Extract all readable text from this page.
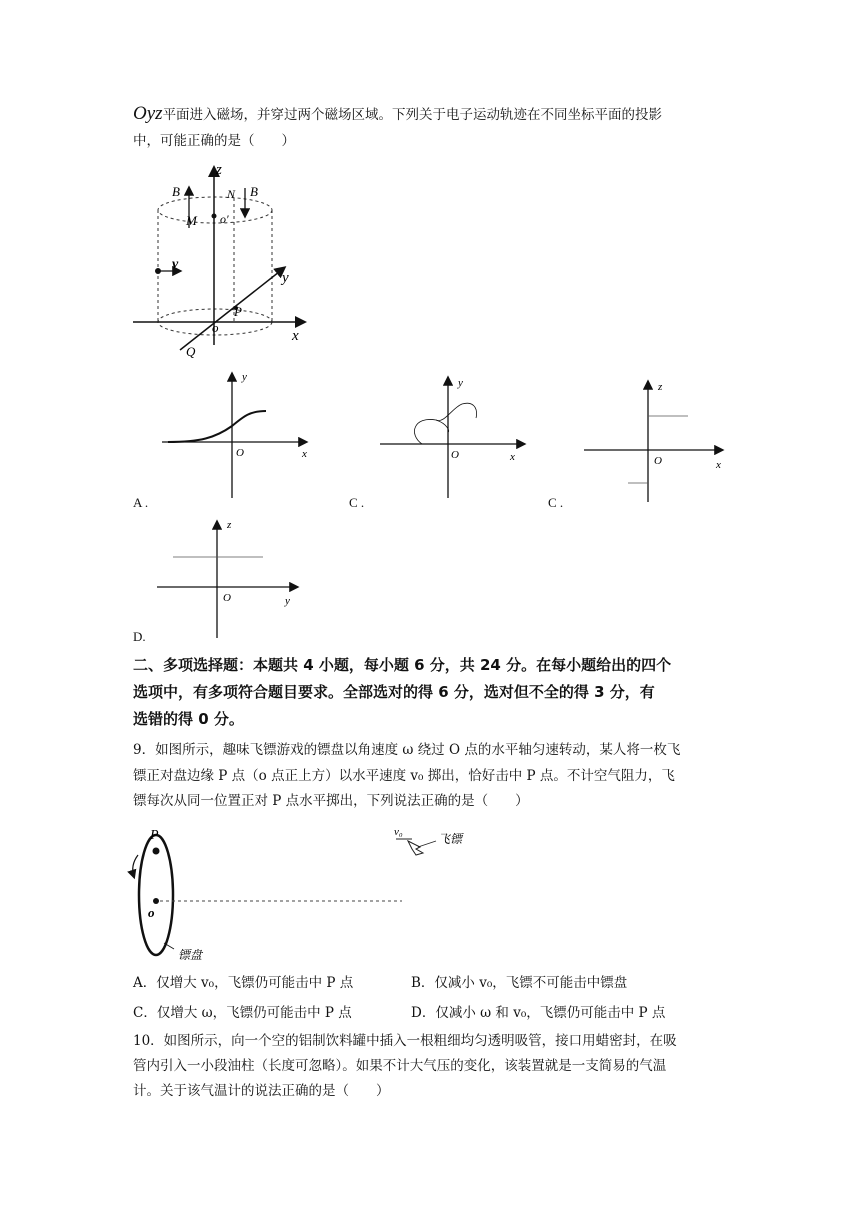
Oyz平面进入磁场，并穿过两个磁场区域。下列关于电子运动轨迹在不同坐标平面的投影
中，可能正确的是（　　）
z
B	N B
M o′
v
y
P
o
x
Q
y
x
O
A .
y
x
O
C .
z
x
O
C .
z
y
O
D.
二、多项选择题：本题共 4 小题，每小题 6 分，共 24 分。在每小题给出的四个
选项中，有多项符合题目要求。全部选对的得 6 分，选对但不全的得 3 分，有
选错的得 0 分。
9．如图所示，趣味飞镖游戏的镖盘以角速度 ω 绕过 O 点的水平轴匀速转动，某人将一枚飞
镖正对盘边缘 P 点（o 点正上方）以水平速度 v₀ 掷出，恰好击中 P 点。不计空气阻力，飞
镖每次从同一位置正对 P 点水平掷出，下列说法正确的是（　　）
P
o
v₀	飞镖
镖盘
A．仅增大 v₀，飞镖仍可能击中 P 点	B．仅减小 v₀，飞镖不可能击中镖盘
C．仅增大 ω，飞镖仍可能击中 P 点	D．仅减小 ω 和 v₀，飞镖仍可能击中 P 点
10．如图所示，向一个空的铝制饮料罐中插入一根粗细均匀透明吸管，接口用蜡密封，在吸
管内引入一小段油柱（长度可忽略）。如果不计大气压的变化，该装置就是一支简易的气温
计。关于该气温计的说法正确的是（　　）
